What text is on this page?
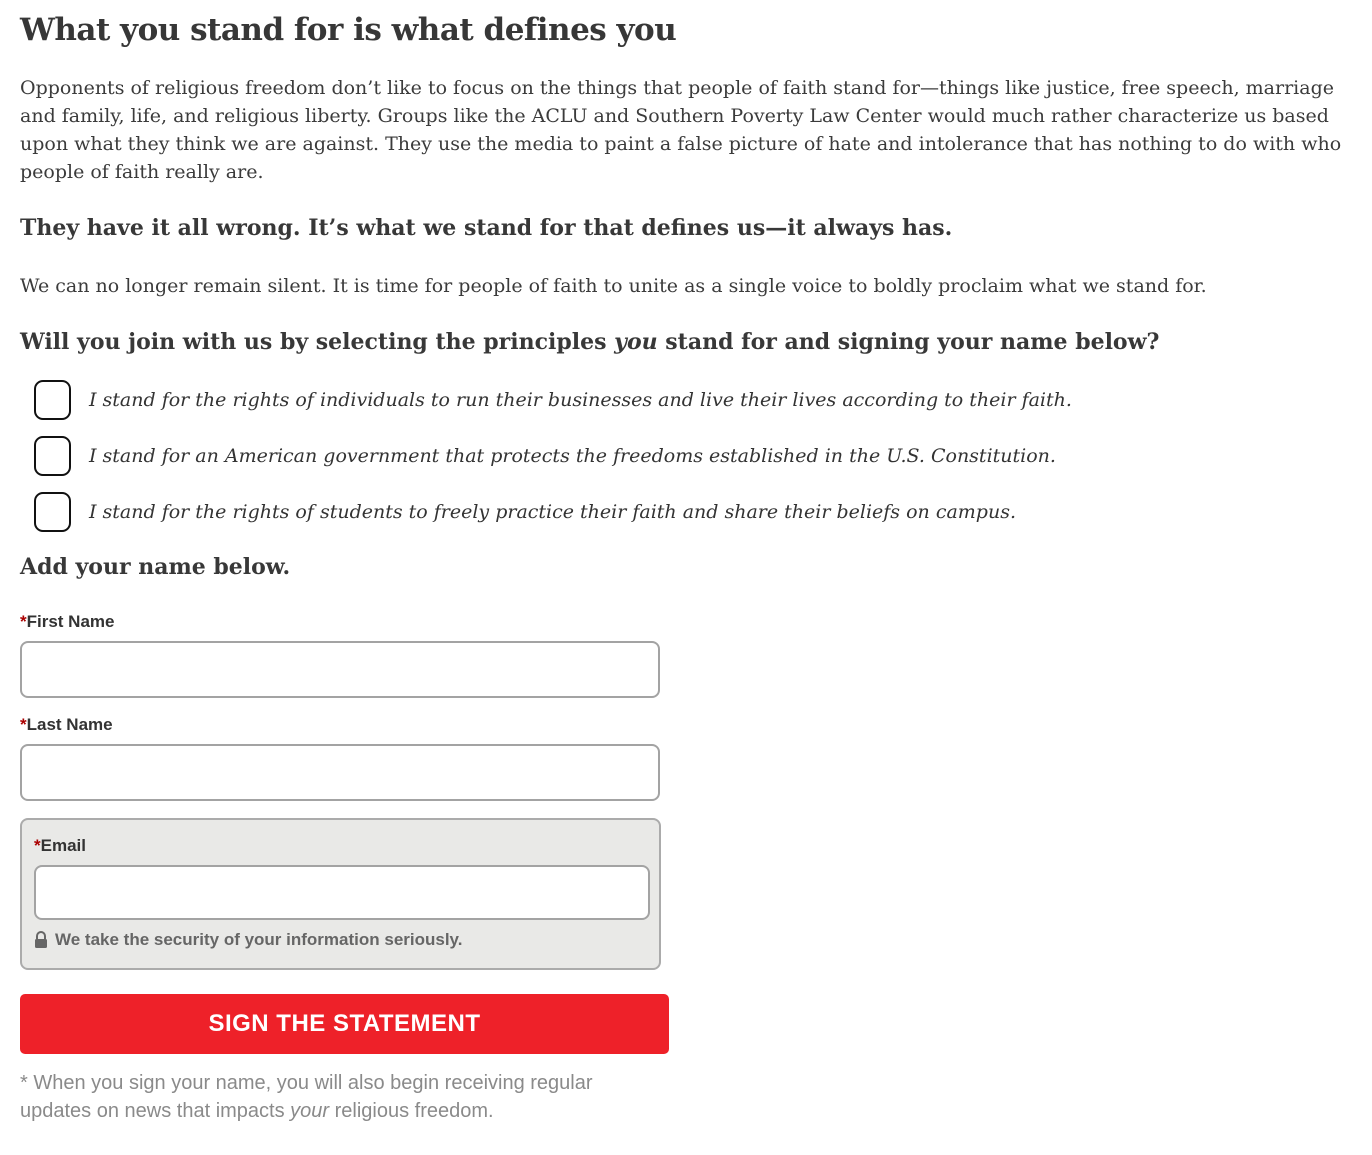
What you stand for is what defines you

Opponents of religious freedom don’t like to focus on the things that people of faith stand for—things like justice, free speech, marriage and family, life, and religious liberty. Groups like the ACLU and Southern Poverty Law Center would much rather characterize us based upon what they think we are against. They use the media to paint a false picture of hate and intolerance that has nothing to do with who people of faith really are.

They have it all wrong. It’s what we stand for that defines us—it always has.

We can no longer remain silent. It is time for people of faith to unite as a single voice to boldly proclaim what we stand for.

Will you join with us by selecting the principles you stand for and signing your name below?
I stand for the rights of individuals to run their businesses and live their lives according to their faith.
I stand for an American government that protects the freedoms established in the U.S. Constitution.
I stand for the rights of students to freely practice their faith and share their beliefs on campus.
Add your name below.
*First Name
*Last Name
*Email
We take the security of your information seriously.
SIGN THE STATEMENT

* When you sign your name, you will also begin receiving regular updates on news that impacts your religious freedom.
